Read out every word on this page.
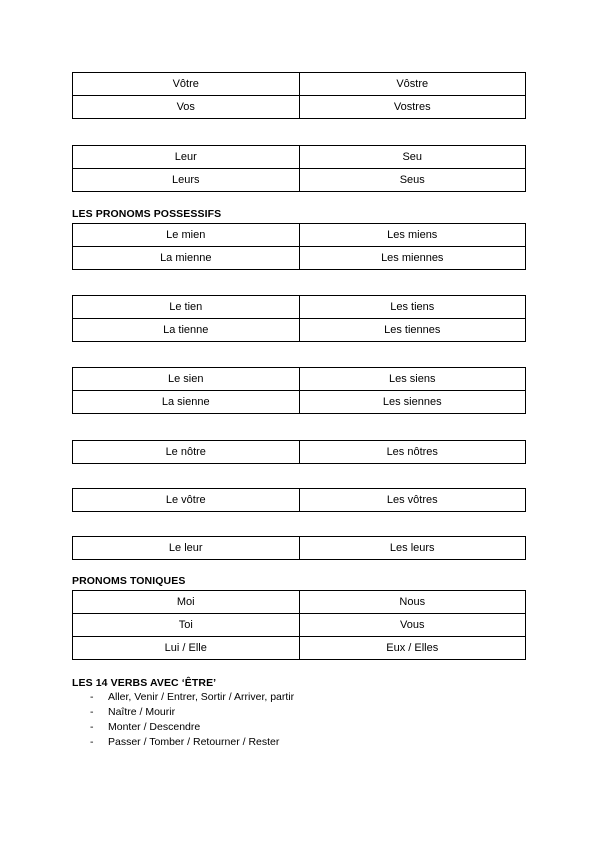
Vôtre	Vôstre
Vos	Vostres
Leur	Seu
Leurs	Seus
LES PRONOMS POSSESSIFS
Le mien	Les miens
La mienne	Les miennes
Le tien	Les tiens
La tienne	Les tiennes
Le sien	Les siens
La sienne	Les siennes
Le nôtre	Les nôtres
Le vôtre	Les vôtres
Le leur	Les leurs
PRONOMS TONIQUES
Moi	Nous
Toi	Vous
Lui / Elle	Eux / Elles
LES 14 VERBS AVEC ‘ÊTRE’
- Aller, Venir / Entrer, Sortir / Arriver, partir
- Naître / Mourir
- Monter / Descendre
- Passer / Tomber / Retourner / Rester
